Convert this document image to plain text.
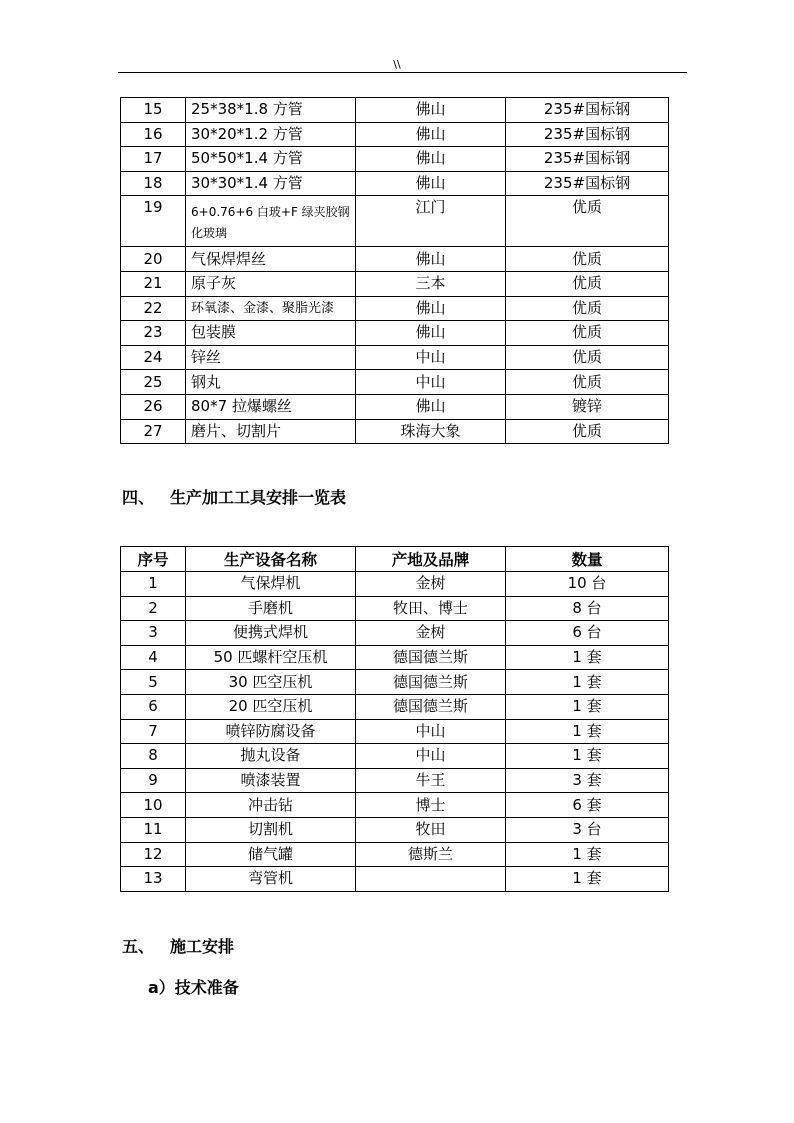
\\
15	25*38*1.8 方管	佛山	235#国标钢
16	30*20*1.2 方管	佛山	235#国标钢
17	50*50*1.4 方管	佛山	235#国标钢
18	30*30*1.4 方管	佛山	235#国标钢
19	6+0.76+6 白玻+F 绿夹胶钢化玻璃	江门	优质
20	气保焊焊丝	佛山	优质
21	原子灰	三本	优质
22	环氧漆、金漆、聚脂光漆	佛山	优质
23	包装膜	佛山	优质
24	锌丝	中山	优质
25	钢丸	中山	优质
26	80*7 拉爆螺丝	佛山	镀锌
27	磨片、切割片	珠海大象	优质
四、 生产加工工具安排一览表
序号	生产设备名称	产地及品牌	数量
1	气保焊机	金树	10 台
2	手磨机	牧田、博士	8 台
3	便携式焊机	金树	6 台
4	50 匹螺杆空压机	德国德兰斯	1 套
5	30 匹空压机	德国德兰斯	1 套
6	20 匹空压机	德国德兰斯	1 套
7	喷锌防腐设备	中山	1 套
8	抛丸设备	中山	1 套
9	喷漆装置	牛王	3 套
10	冲击钻	博士	6 套
11	切割机	牧田	3 台
12	储气罐	德斯兰	1 套
13	弯管机		1 套
五、 施工安排
a）技术准备
